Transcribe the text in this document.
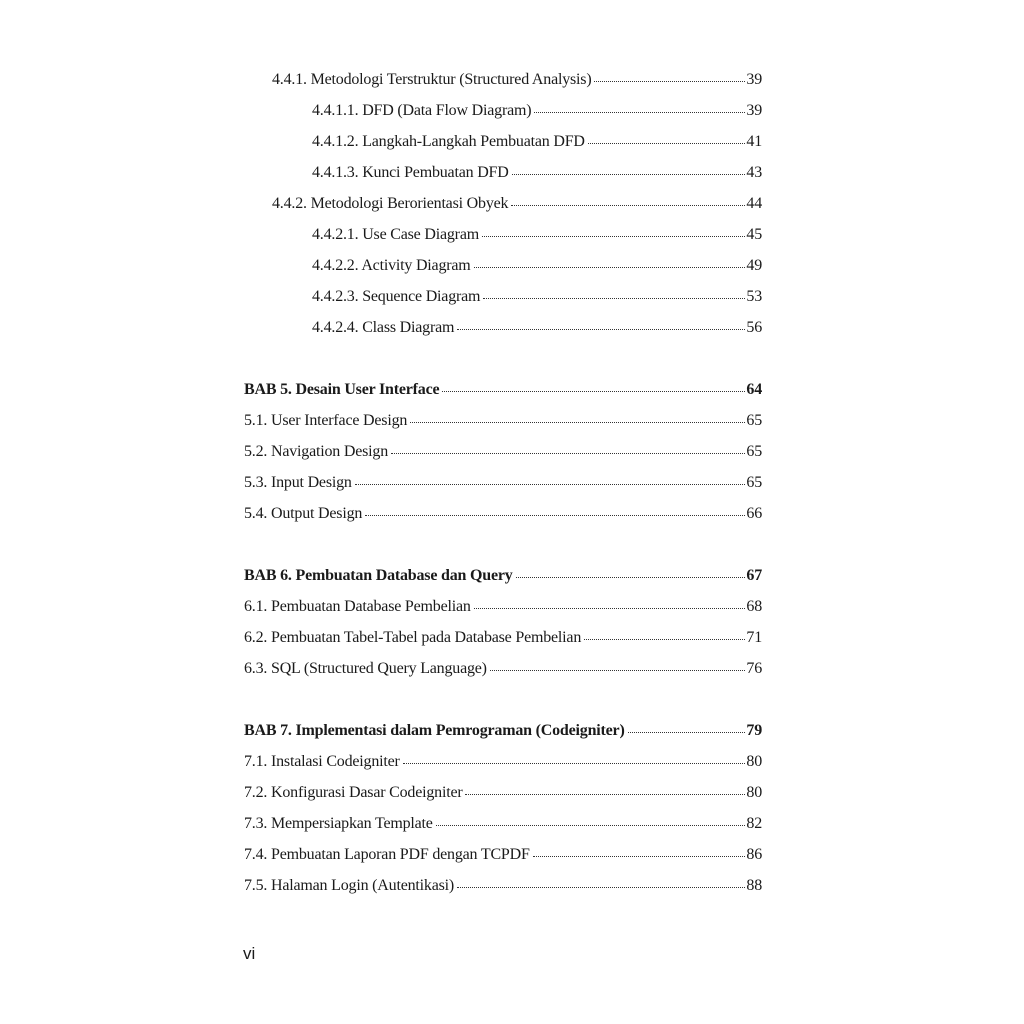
4.4.1. Metodologi Terstruktur (Structured Analysis)	39
4.4.1.1. DFD (Data Flow Diagram)	39
4.4.1.2. Langkah-Langkah Pembuatan DFD	41
4.4.1.3. Kunci Pembuatan DFD	43
4.4.2. Metodologi Berorientasi Obyek	44
4.4.2.1. Use Case Diagram	45
4.4.2.2. Activity Diagram	49
4.4.2.3. Sequence Diagram	53
4.4.2.4. Class Diagram	56
BAB 5. Desain User Interface	64
5.1. User Interface Design	65
5.2. Navigation Design	65
5.3. Input Design	65
5.4. Output Design	66
BAB 6. Pembuatan Database dan Query	67
6.1. Pembuatan Database Pembelian	68
6.2. Pembuatan Tabel-Tabel pada Database Pembelian	71
6.3. SQL (Structured Query Language)	76
BAB 7. Implementasi dalam Pemrograman (Codeigniter)	79
7.1. Instalasi Codeigniter	80
7.2. Konfigurasi Dasar Codeigniter	80
7.3. Mempersiapkan Template	82
7.4. Pembuatan Laporan PDF dengan TCPDF	86
7.5. Halaman Login (Autentikasi)	88
vi
